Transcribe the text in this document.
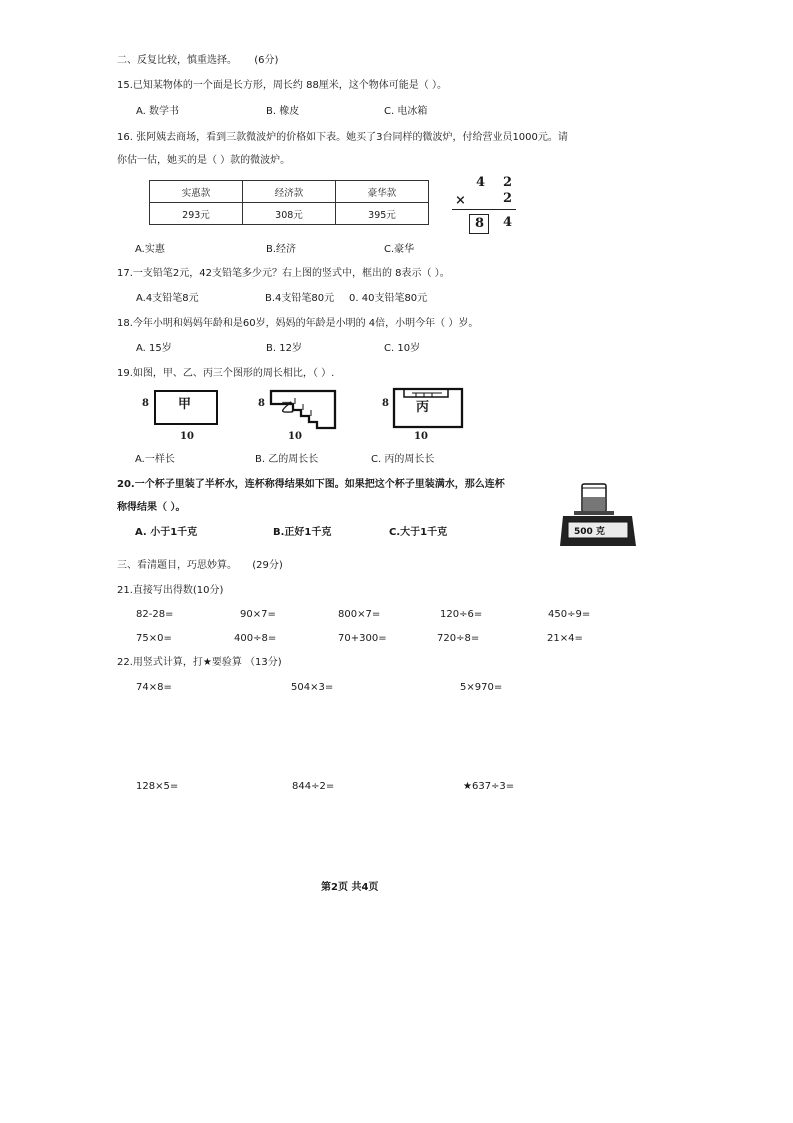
二、反复比较，慎重选择。 (6分)
15.已知某物体的一个面是长方形，周长约 88厘米，这个物体可能是（ ）。
A. 数学书	B. 橡皮	C. 电冰箱
16. 张阿姨去商场，看到三款微波炉的价格如下表。她买了3台同样的微波炉，付给营业员1000元。请
你估一估，她买的是（ ）款的微波炉。
实惠款	经济款	豪华款
293元	308元	395元
4 2
×	2
8 4
A.实惠	B.经济	C.豪华
17.一支铅笔2元，42支铅笔多少元？右上图的竖式中，框出的 8表示（ ）。
A.4支铅笔8元	B.4支铅笔80元 0. 40支铅笔80元
18.今年小明和妈妈年龄和是60岁，妈妈的年龄是小明的 4倍，小明今年（ ）岁。
A. 15岁	B. 12岁	C. 10岁
19.如图，甲、乙、丙三个图形的周长相比，（ ）.
8 甲
10
8 乙
10
8 丙
10
A.一样长	B. 乙的周长长	C. 丙的周长长
20.一个杯子里装了半杯水，连杯称得结果如下图。如果把这个杯子里装满水，那么连杯
称得结果（ ）。
A. 小于1千克	B.正好1千克	C.大于1千克	500 克
三、看清题目，巧思妙算。 (29分)
21.直接写出得数(10分)
82-28=	90×7=	800×7=	120÷6=	450÷9=
75×0=	400÷8=	70+300=	720÷8=	21×4=
22.用竖式计算，打★要验算 （13分)
74×8=	504×3=	5×970=
128×5=	844÷2=	★637÷3=
第2页 共4页
